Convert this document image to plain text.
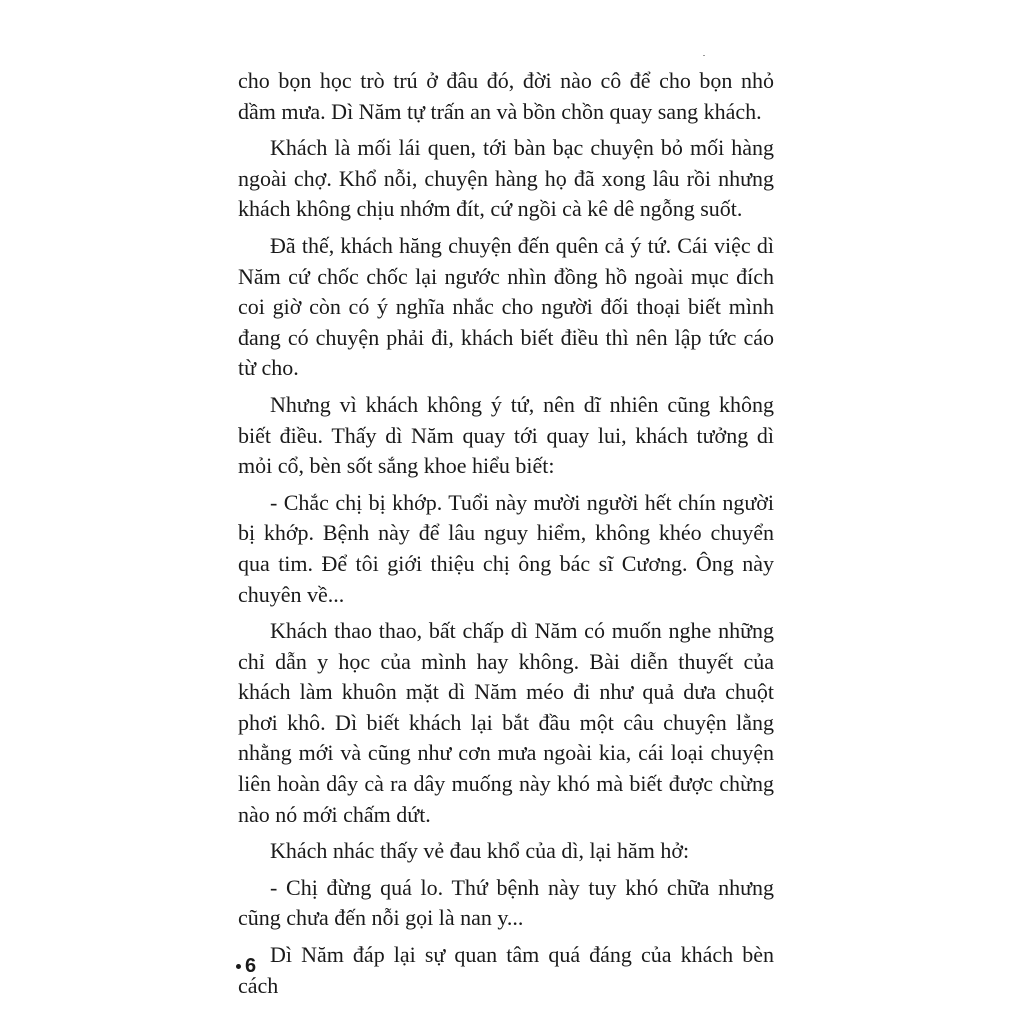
cho bọn học trò trú ở đâu đó, đời nào cô để cho bọn nhỏ dầm mưa. Dì Năm tự trấn an và bồn chồn quay sang khách.

Khách là mối lái quen, tới bàn bạc chuyện bỏ mối hàng ngoài chợ. Khổ nỗi, chuyện hàng họ đã xong lâu rồi nhưng khách không chịu nhớm đít, cứ ngồi cà kê dê ngỗng suốt.

Đã thế, khách hăng chuyện đến quên cả ý tứ. Cái việc dì Năm cứ chốc chốc lại ngước nhìn đồng hồ ngoài mục đích coi giờ còn có ý nghĩa nhắc cho người đối thoại biết mình đang có chuyện phải đi, khách biết điều thì nên lập tức cáo từ cho.

Nhưng vì khách không ý tứ, nên dĩ nhiên cũng không biết điều. Thấy dì Năm quay tới quay lui, khách tưởng dì mỏi cổ, bèn sốt sắng khoe hiểu biết:

- Chắc chị bị khớp. Tuổi này mười người hết chín người bị khớp. Bệnh này để lâu nguy hiểm, không khéo chuyển qua tim. Để tôi giới thiệu chị ông bác sĩ Cương. Ông này chuyên về...

Khách thao thao, bất chấp dì Năm có muốn nghe những chỉ dẫn y học của mình hay không. Bài diễn thuyết của khách làm khuôn mặt dì Năm méo đi như quả dưa chuột phơi khô. Dì biết khách lại bắt đầu một câu chuyện lằng nhằng mới và cũng như cơn mưa ngoài kia, cái loại chuyện liên hoàn dây cà ra dây muống này khó mà biết được chừng nào nó mới chấm dứt.

Khách nhác thấy vẻ đau khổ của dì, lại hăm hở:

- Chị đừng quá lo. Thứ bệnh này tuy khó chữa nhưng cũng chưa đến nỗi gọi là nan y...

Dì Năm đáp lại sự quan tâm quá đáng của khách bèn cách

6
